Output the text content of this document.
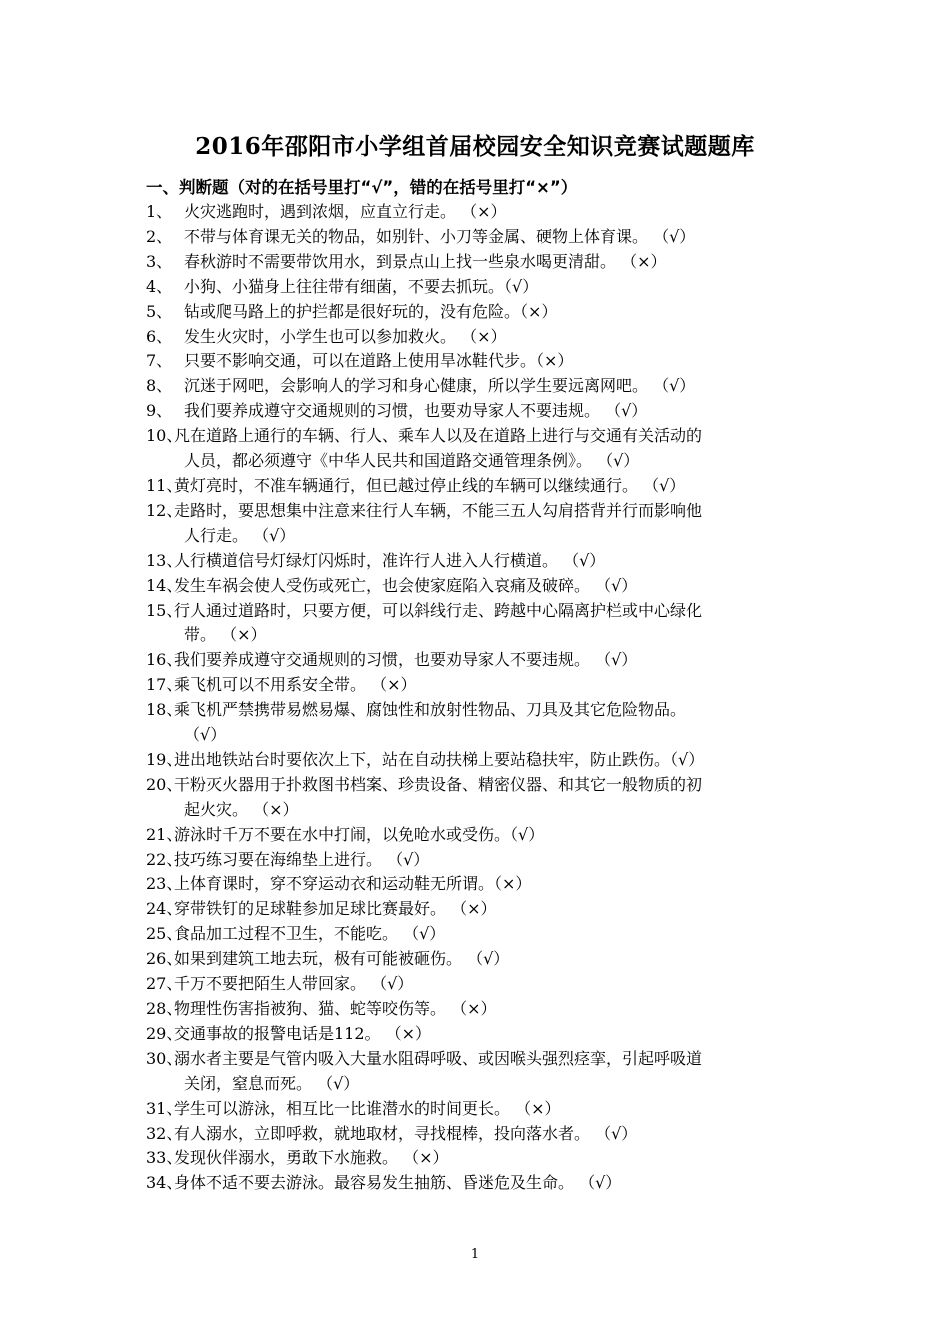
2016年邵阳市小学组首届校园安全知识竞赛试题题库
一、判断题（对的在括号里打“√”，错的在括号里打“×”）
1、 火灾逃跑时，遇到浓烟，应直立行走。 （×）
2、 不带与体育课无关的物品，如别针、小刀等金属、硬物上体育课。 （√）
3、 春秋游时不需要带饮用水，到景点山上找一些泉水喝更清甜。 （×）
4、 小狗、小猫身上往往带有细菌，不要去抓玩。（√）
5、 钻或爬马路上的护拦都是很好玩的，没有危险。（×）
6、 发生火灾时，小学生也可以参加救火。 （×）
7、 只要不影响交通，可以在道路上使用旱冰鞋代步。（×）
8、 沉迷于网吧，会影响人的学习和身心健康，所以学生要远离网吧。 （√）
9、 我们要养成遵守交通规则的习惯，也要劝导家人不要违规。 （√）
10、
凡在道路上通行的车辆、行人、乘车人以及在道路上进行与交通有关活动的
人员，都必须遵守《中华人民共和国道路交通管理条例》。 （√）
11、
黄灯亮时，不准车辆通行，但已越过停止线的车辆可以继续通行。 （√）
12、
走路时，要思想集中注意来往行人车辆，不能三五人勾肩搭背并行而影响他
人行走。 （√）
13、
人行横道信号灯绿灯闪烁时，准许行人进入人行横道。 （√）
14、
发生车祸会使人受伤或死亡，也会使家庭陷入哀痛及破碎。 （√）
15、
行人通过道路时，只要方便，可以斜线行走、跨越中心隔离护栏或中心绿化
带。 （×）
16、
我们要养成遵守交通规则的习惯，也要劝导家人不要违规。 （√）
17、
乘飞机可以不用系安全带。 （×）
18、
乘飞机严禁携带易燃易爆、腐蚀性和放射性物品、刀具及其它危险物品。
（√）
19、
进出地铁站台时要依次上下，站在自动扶梯上要站稳扶牢，防止跌伤。（√）
20、
干粉灭火器用于扑救图书档案、珍贵设备、精密仪器、和其它一般物质的初
起火灾。 （×）
21、
游泳时千万不要在水中打闹，以免呛水或受伤。（√）
22、
技巧练习要在海绵垫上进行。 （√）
23、
上体育课时，穿不穿运动衣和运动鞋无所谓。（×）
24、
穿带铁钉的足球鞋参加足球比赛最好。 （×）
25、
食品加工过程不卫生，不能吃。 （√）
26、
如果到建筑工地去玩，极有可能被砸伤。 （√）
27、
千万不要把陌生人带回家。 （√）
28、
物理性伤害指被狗、猫、蛇等咬伤等。 （×）
29、
交通事故的报警电话是112。 （×）
30、
溺水者主要是气管内吸入大量水阻碍呼吸、或因喉头强烈痉挛，引起呼吸道
关闭，窒息而死。 （√）
31、
学生可以游泳，相互比一比谁潜水的时间更长。 （×）
32、
有人溺水，立即呼救，就地取材，寻找棍棒，投向落水者。 （√）
33、
发现伙伴溺水，勇敢下水施救。 （×）
34、
身体不适不要去游泳。最容易发生抽筋、昏迷危及生命。 （√）
1
